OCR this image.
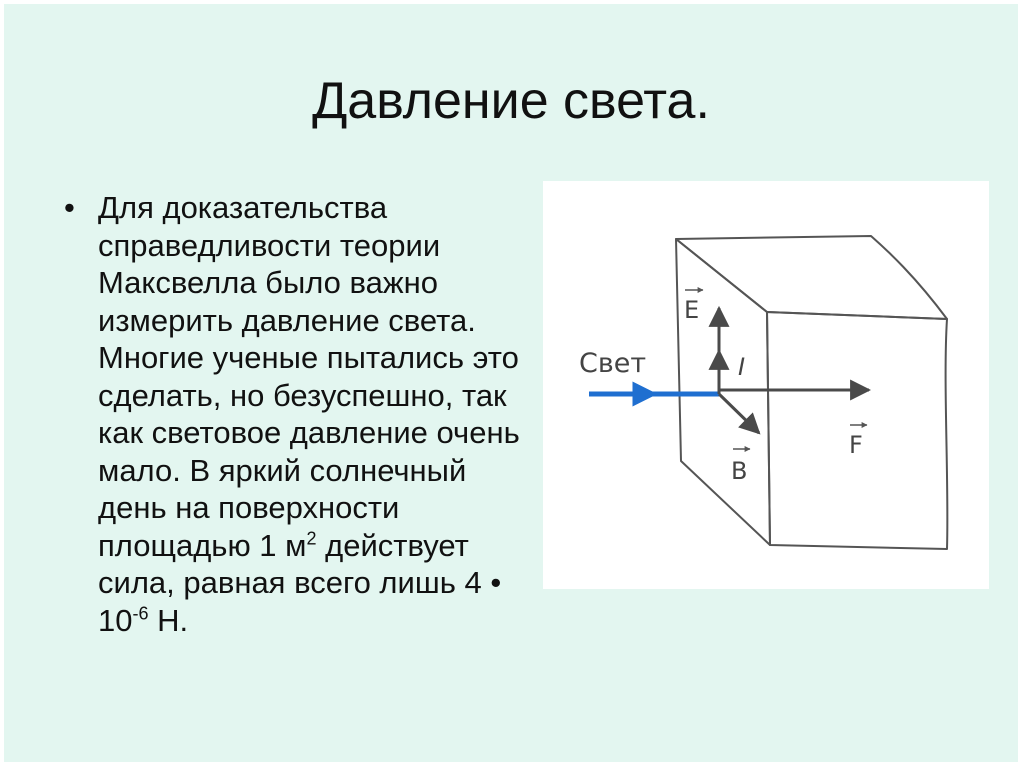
Давление света.
• Для доказательства справедливости теории Максвелла было важно измерить давление света. Многие ученые пытались это сделать, но безуспешно, так как световое давление очень мало. В яркий солнечный день на поверхности площадью 1 $м^2$ действует сила, равная всего лишь 4 • $10^{-6}$ Н.
Свет
E
I
B
F
